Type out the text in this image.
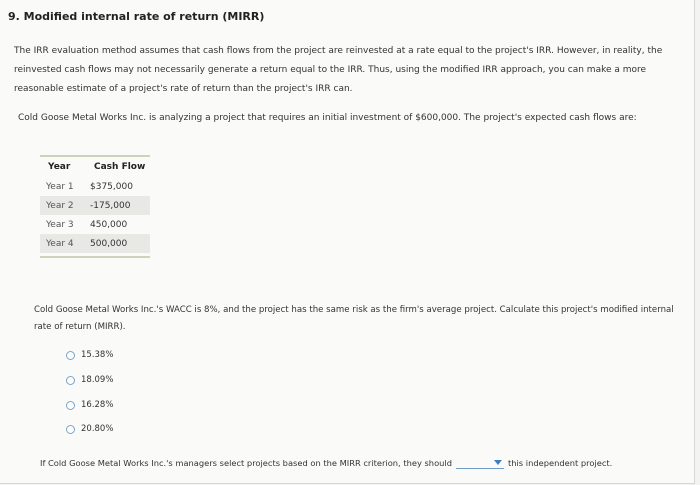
9. Modified internal rate of return (MIRR)
The IRR evaluation method assumes that cash flows from the project are reinvested at a rate equal to the project's IRR. However, in reality, the
reinvested cash flows may not necessarily generate a return equal to the IRR. Thus, using the modified IRR approach, you can make a more
reasonable estimate of a project's rate of return than the project's IRR can.
Cold Goose Metal Works Inc. is analyzing a project that requires an initial investment of $600,000. The project's expected cash flows are:
Year	Cash Flow
Year 1	$375,000
Year 2	-175,000
Year 3	450,000
Year 4	500,000
Cold Goose Metal Works Inc.'s WACC is 8%, and the project has the same risk as the firm's average project. Calculate this project's modified internal
rate of return (MIRR).
15.38%
18.09%
16.28%
20.80%
If Cold Goose Metal Works Inc.'s managers select projects based on the MIRR criterion, they should	this independent project.
